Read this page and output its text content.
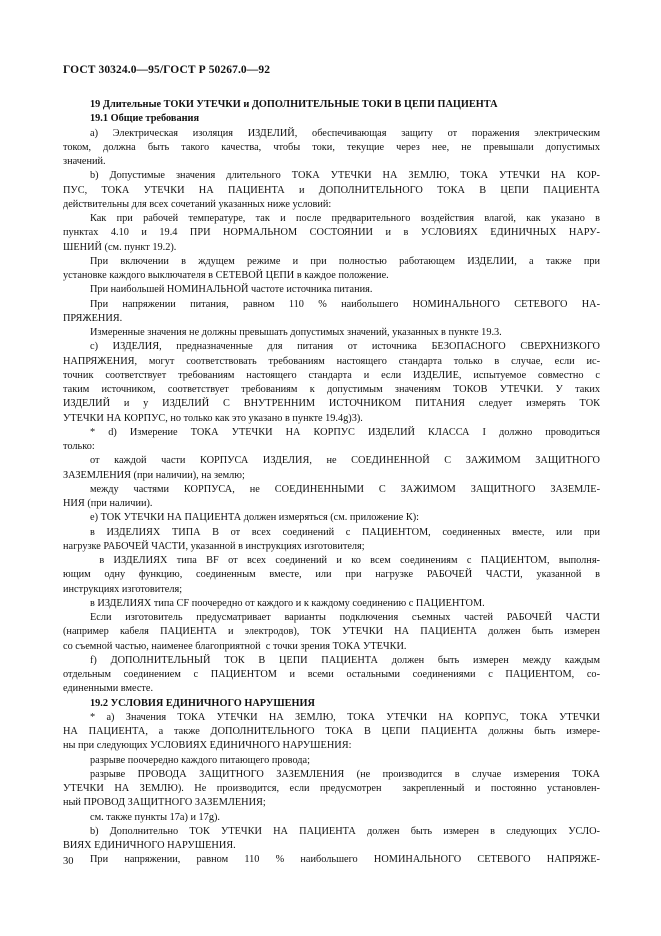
ГОСТ 30324.0—95/ГОСТ Р 50267.0—92
19 Длительные ТОКИ УТЕЧКИ и ДОПОЛНИТЕЛЬНЫЕ ТОКИ В ЦЕПИ ПАЦИЕНТА
19.1 Общие требования
а) Электрическая изоляция ИЗДЕЛИЙ, обеспечивающая защиту от поражения электрическим
током, должна быть такого качества, чтобы токи, текущие через нее, не превышали допустимых
значений.
b) Допустимые значения длительного ТОКА УТЕЧКИ НА ЗЕМЛЮ, ТОКА УТЕЧКИ НА КОР-
ПУС, ТОКА УТЕЧКИ НА ПАЦИЕНТА и ДОПОЛНИТЕЛЬНОГО ТОКА В ЦЕПИ ПАЦИЕНТА
действительны для всех сочетаний указанных ниже условий:
Как при рабочей температуре, так и после предварительного воздействия влагой, как указано в
пунктах 4.10 и 19.4 ПРИ НОРМАЛЬНОМ СОСТОЯНИИ и в УСЛОВИЯХ ЕДИНИЧНЫХ НАРУ-
ШЕНИЙ (см. пункт 19.2).
При включении в ждущем режиме и при полностью работающем ИЗДЕЛИИ, а также при
установке каждого выключателя в СЕТЕВОЙ ЦЕПИ в каждое положение.
При наибольшей НОМИНАЛЬНОЙ частоте источника питания.
При напряжении питания, равном 110 % наибольшего НОМИНАЛЬНОГО СЕТЕВОГО НА-
ПРЯЖЕНИЯ.
Измеренные значения не должны превышать допустимых значений, указанных в пункте 19.3.
с) ИЗДЕЛИЯ, предназначенные для питания от источника БЕЗОПАСНОГО СВЕРХНИЗКОГО
НАПРЯЖЕНИЯ, могут соответствовать требованиям настоящего стандарта только в случае, если ис-
точник соответствует требованиям настоящего стандарта и если ИЗДЕЛИЕ, испытуемое совместно с
таким источником, соответствует требованиям к допустимым значениям ТОКОВ УТЕЧКИ. У таких
ИЗДЕЛИЙ и у ИЗДЕЛИЙ С ВНУТРЕННИМ ИСТОЧНИКОМ ПИТАНИЯ следует измерять ТОК
УТЕЧКИ НА КОРПУС, но только как это указано в пункте 19.4g)3).
* d) Измерение ТОКА УТЕЧКИ НА КОРПУС ИЗДЕЛИЙ КЛАССА I должно проводиться
только:
от каждой части КОРПУСА ИЗДЕЛИЯ, не СОЕДИНЕННОЙ С ЗАЖИМОМ ЗАЩИТНОГО
ЗАЗЕМЛЕНИЯ (при наличии), на землю;
между частями КОРПУСА, не СОЕДИНЕННЫМИ С ЗАЖИМОМ ЗАЩИТНОГО ЗАЗЕМЛЕ-
НИЯ (при наличии).
е) ТОК УТЕЧКИ НА ПАЦИЕНТА должен измеряться (см. приложение К):
в ИЗДЕЛИЯХ ТИПА В от всех соединений с ПАЦИЕНТОМ, соединенных вместе, или при
нагрузке РАБОЧЕЙ ЧАСТИ, указанной в инструкциях изготовителя;
в ИЗДЕЛИЯХ типа BF от всех соединений и ко всем соединениям с ПАЦИЕНТОМ, выполня-
ющим одну функцию, соединенным вместе, или при нагрузке РАБОЧЕЙ ЧАСТИ, указанной в
инструкциях изготовителя;
в ИЗДЕЛИЯХ типа CF поочередно от каждого и к каждому соединению с ПАЦИЕНТОМ.
Если изготовитель предусматривает варианты подключения съемных частей РАБОЧЕЙ ЧАСТИ
(например кабеля ПАЦИЕНТА и электродов), ТОК УТЕЧКИ НА ПАЦИЕНТА должен быть измерен
со съемной частью, наименее благоприятной  с точки зрения ТОКА УТЕЧКИ.
f) ДОПОЛНИТЕЛЬНЫЙ ТОК В ЦЕПИ ПАЦИЕНТА должен быть измерен между каждым
отдельным соединением с ПАЦИЕНТОМ и всеми остальными соединениями с ПАЦИЕНТОМ, со-
единенными вместе.
19.2 УСЛОВИЯ ЕДИНИЧНОГО НАРУШЕНИЯ
* а) Значения ТОКА УТЕЧКИ НА ЗЕМЛЮ, ТОКА УТЕЧКИ НА КОРПУС, ТОКА УТЕЧКИ
НА ПАЦИЕНТА, а также ДОПОЛНИТЕЛЬНОГО ТОКА В ЦЕПИ ПАЦИЕНТА должны быть измере-
ны при следующих УСЛОВИЯХ ЕДИНИЧНОГО НАРУШЕНИЯ:
разрыве поочередно каждого питающего провода;
разрыве ПРОВОДА ЗАЩИТНОГО ЗАЗЕМЛЕНИЯ (не производится в случае измерения ТОКА
УТЕЧКИ НА ЗЕМЛЮ). Не производится, если предусмотрен  закрепленный и постоянно установлен-
ный ПРОВОД ЗАЩИТНОГО ЗАЗЕМЛЕНИЯ;
см. также пункты 17а) и 17g).
b) Дополнительно ТОК УТЕЧКИ НА ПАЦИЕНТА должен быть измерен в следующих УСЛО-
ВИЯХ ЕДИНИЧНОГО НАРУШЕНИЯ.
При напряжении, равном 110 % наибольшего НОМИНАЛЬНОГО СЕТЕВОГО НАПРЯЖЕ-
30
